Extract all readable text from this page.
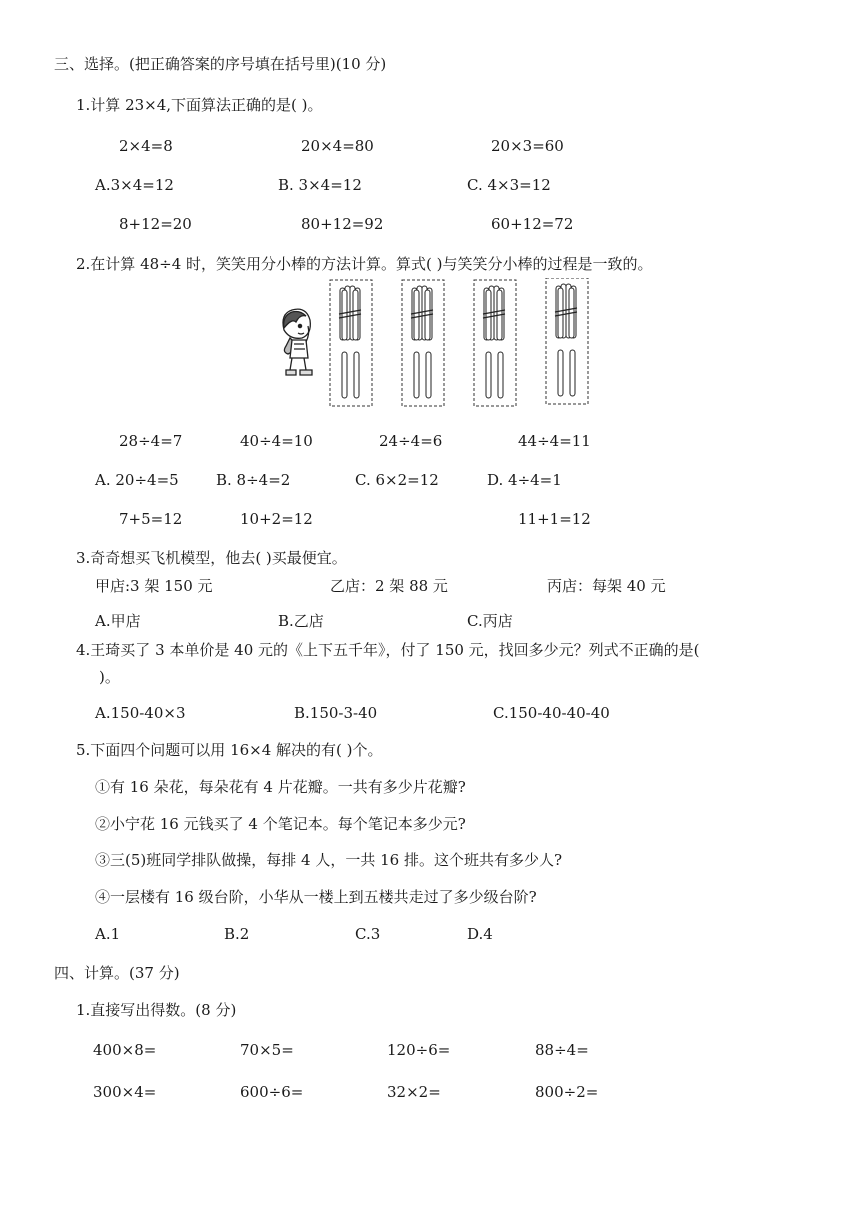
三、选择。(把正确答案的序号填在括号里)(10 分)
1.计算 23×4,下面算法正确的是( )。
2×4=8	20×4=80	20×3=60
A.3×4=12	B. 3×4=12	C. 4×3=12
8+12=20	80+12=92	60+12=72
2.在计算 48÷4 时，笑笑用分小棒的方法计算。算式( )与笑笑分小棒的过程是一致的。
28÷4=7	40÷4=10	24÷4=6	44÷4=11
A. 20÷4=5 B. 8÷4=2	C. 6×2=12	D. 4÷4=1
7+5=12	10+2=12	11+1=12
3.奇奇想买飞机模型，他去( )买最便宜。
甲店:3 架 150 元	乙店：2 架 88 元	丙店：每架 40 元
A.甲店	B.乙店	C.丙店
4.王琦买了 3 本单价是 40 元的《上下五千年》，付了 150 元，找回多少元？列式不正确的是(
)。
A.150-40×3	B.150-3-40	C.150-40-40-40
5.下面四个问题可以用 16×4 解决的有( )个。
①有 16 朵花，每朵花有 4 片花瓣。一共有多少片花瓣?
②小宁花 16 元钱买了 4 个笔记本。每个笔记本多少元?
③三(5)班同学排队做操，每排 4 人，一共 16 排。这个班共有多少人?
④一层楼有 16 级台阶，小华从一楼上到五楼共走过了多少级台阶?
A.1	B.2	C.3	D.4
四、计算。(37 分)
1.直接写出得数。(8 分)
400×8=	70×5=	120÷6=	88÷4=
300×4=	600÷6=	32×2=	800÷2=
